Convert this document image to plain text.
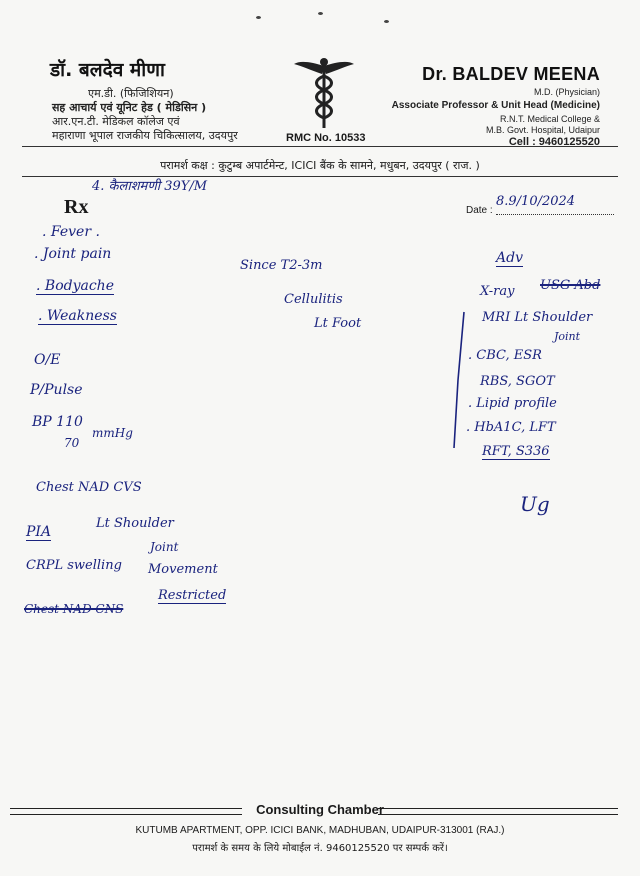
डॉ. बलदेव मीणा
एम.डी. (फिजिशियन)
सह आचार्य एवं यूनिट हेड ( मेडिसिन )
आर.एन.टी. मेडिकल कॉलेज एवं
महाराणा भूपाल राजकीय चिकित्सालय, उदयपुर	RMC No. 10533
Dr. BALDEV MEENA
M.D. (Physician)
Associate Professor & Unit Head (Medicine)
R.N.T. Medical College &
M.B. Govt. Hospital, Udaipur
Cell : 9460125520
परामर्श कक्ष : कुटुम्ब अपार्टमेन्ट, ICICI बैंक के सामने, मधुबन, उदयपुर ( राज. )
Rx	Date :
4. कैलाशमणी 39Y/M
8.9/10/2024
. Fever .
. Joint pain
. Bodyache
. Weakness
Since T2-3m
Cellulitis
Lt Foot
O/E
P/Pulse
BP 110
70
mmHg
Chest NAD CVS
PIA
Lt Shoulder
Joint
CRPL swelling Movement
Restricted
Chest NAD CNS
Adv
X-ray USG Abd
MRI Lt Shoulder
Joint
. CBC, ESR
RBS, SGOT
. Lipid profile
. HbA1C, LFT
RFT, S336
Ug
Consulting Chamber
KUTUMB APARTMENT, OPP. ICICI BANK, MADHUBAN, UDAIPUR-313001 (RAJ.)
परामर्श के समय के लिये मोबाईल नं. 9460125520 पर सम्पर्क करें।
